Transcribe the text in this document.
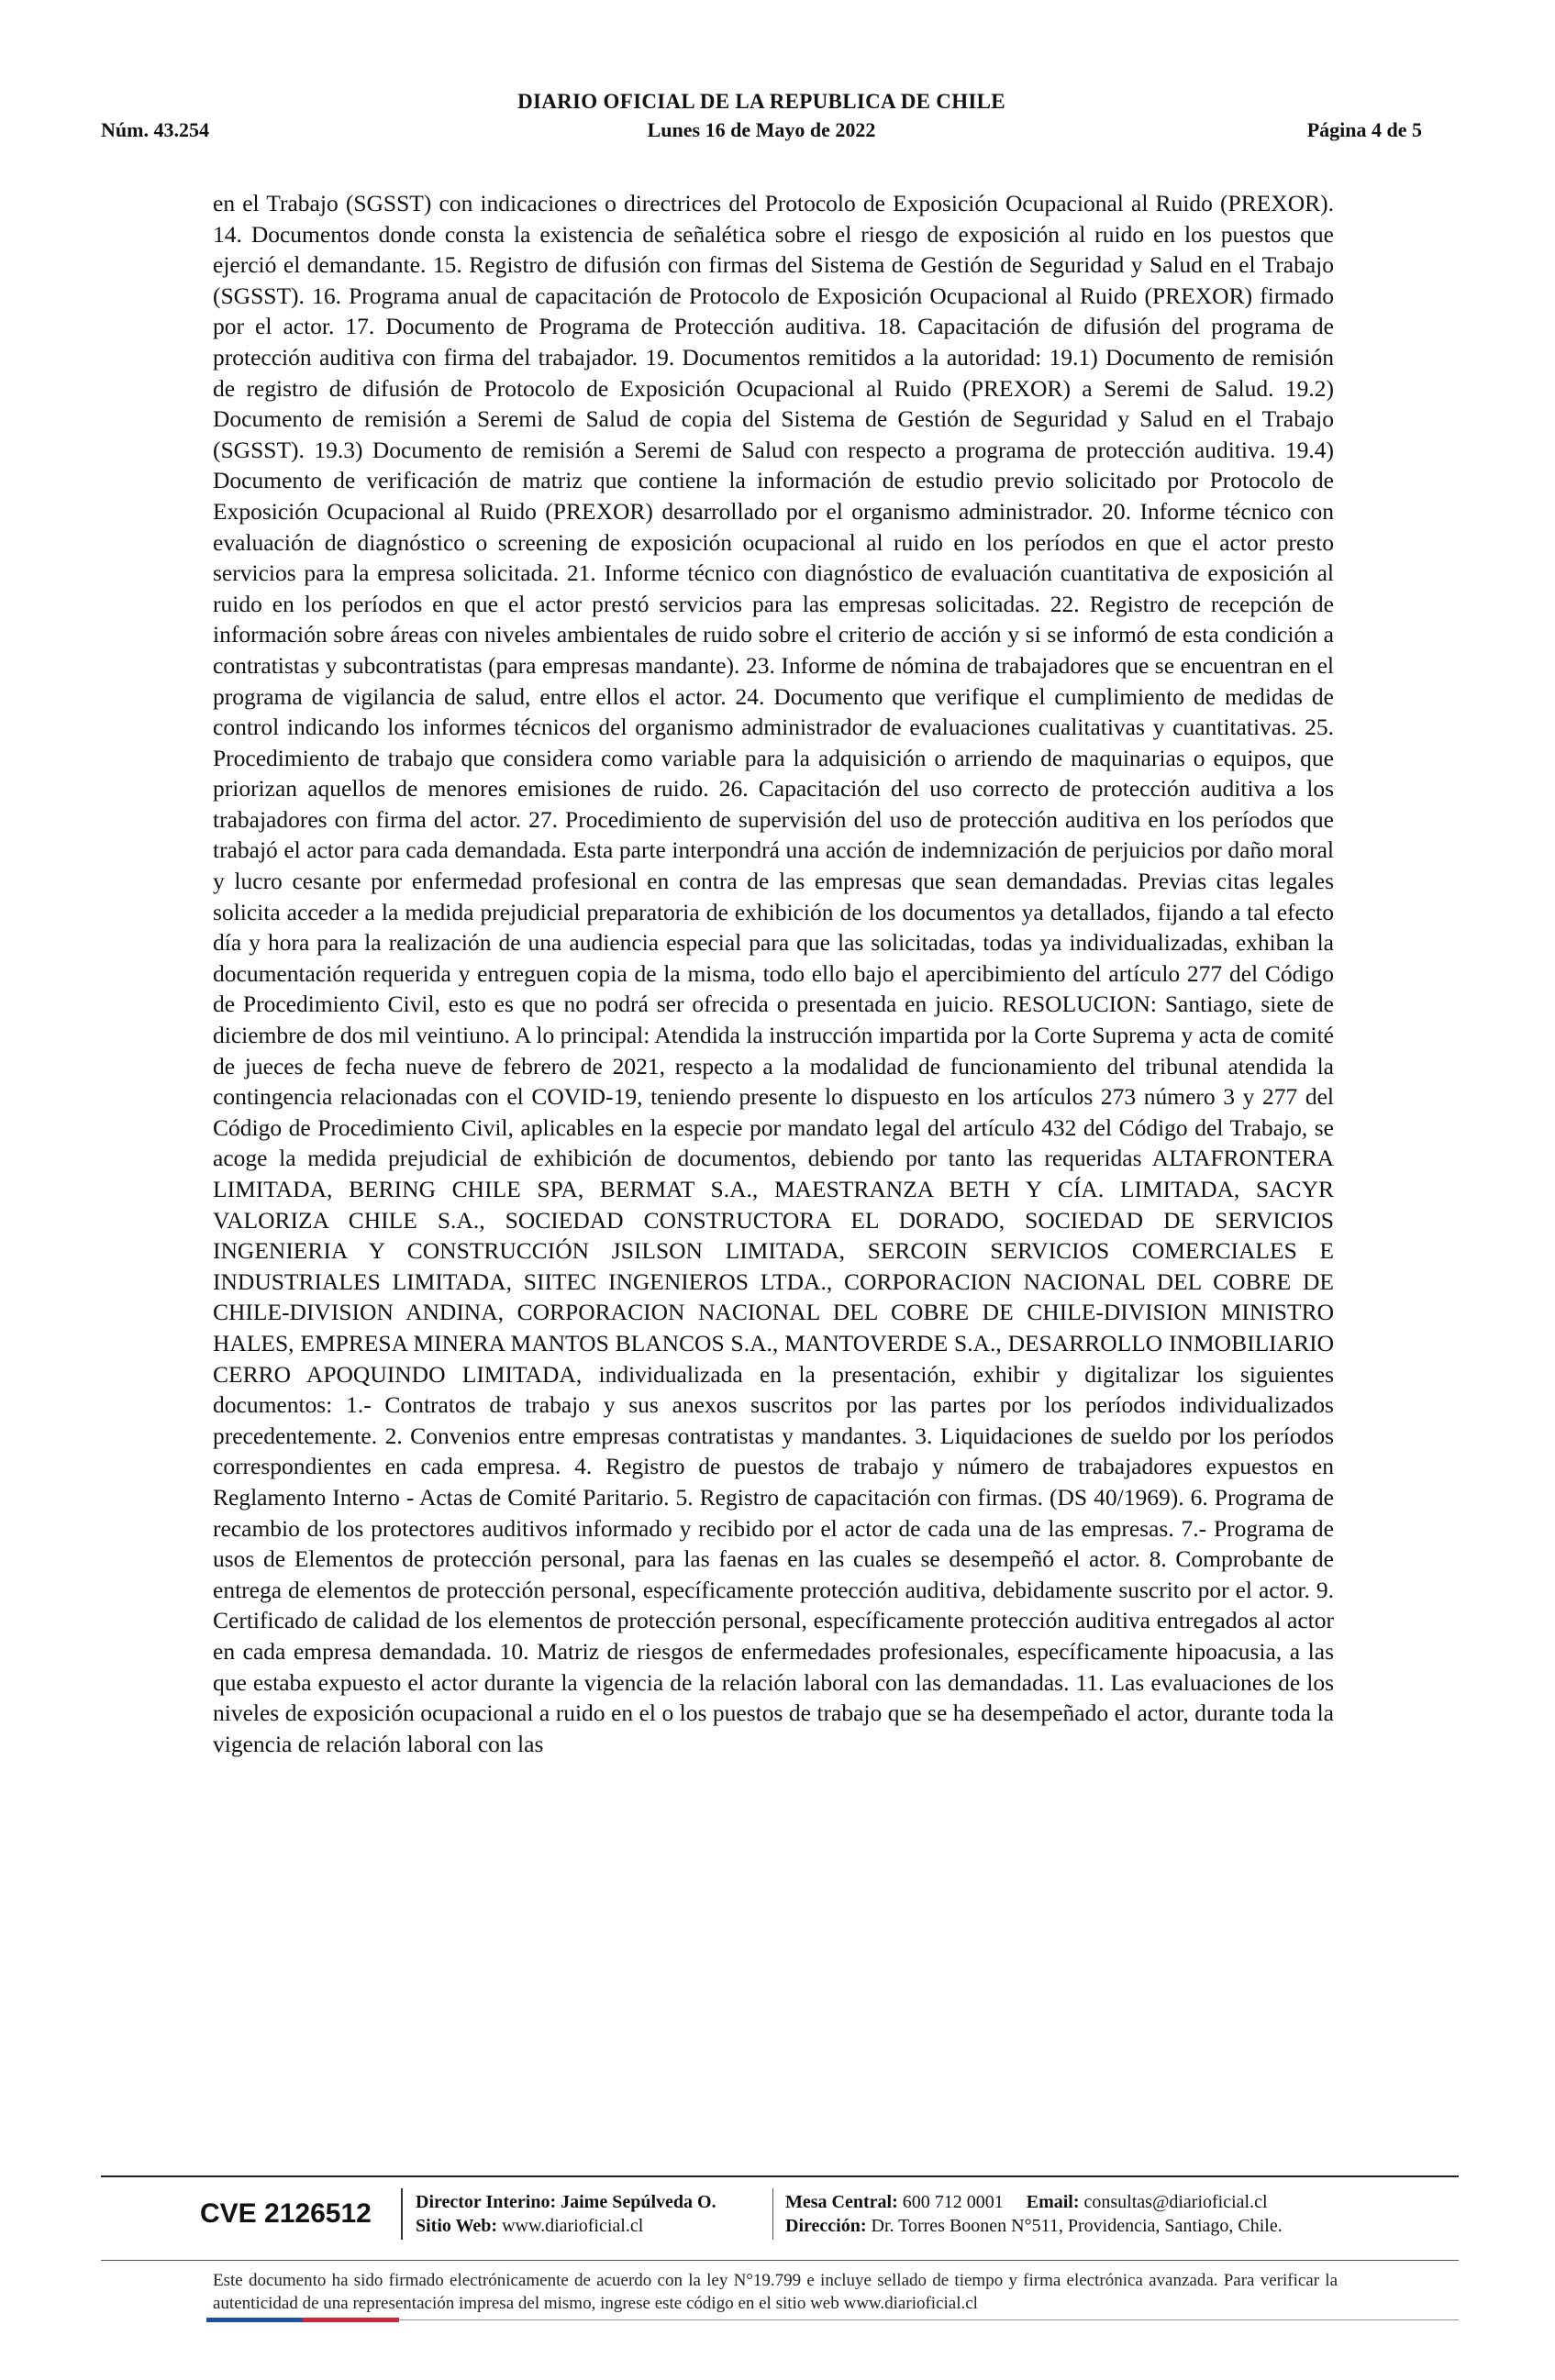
DIARIO OFICIAL DE LA REPUBLICA DE CHILE
Núm. 43.254	Lunes 16 de Mayo de 2022	Página 4 de 5
en el Trabajo (SGSST) con indicaciones o directrices del Protocolo de Exposición Ocupacional al Ruido (PREXOR). 14. Documentos donde consta la existencia de señalética sobre el riesgo de exposición al ruido en los puestos que ejerció el demandante. 15. Registro de difusión con firmas del Sistema de Gestión de Seguridad y Salud en el Trabajo (SGSST). 16. Programa anual de capacitación de Protocolo de Exposición Ocupacional al Ruido (PREXOR) firmado por el actor. 17. Documento de Programa de Protección auditiva. 18. Capacitación de difusión del programa de protección auditiva con firma del trabajador. 19. Documentos remitidos a la autoridad: 19.1) Documento de remisión de registro de difusión de Protocolo de Exposición Ocupacional al Ruido (PREXOR) a Seremi de Salud. 19.2) Documento de remisión a Seremi de Salud de copia del Sistema de Gestión de Seguridad y Salud en el Trabajo (SGSST). 19.3) Documento de remisión a Seremi de Salud con respecto a programa de protección auditiva. 19.4) Documento de verificación de matriz que contiene la información de estudio previo solicitado por Protocolo de Exposición Ocupacional al Ruido (PREXOR) desarrollado por el organismo administrador. 20. Informe técnico con evaluación de diagnóstico o screening de exposición ocupacional al ruido en los períodos en que el actor presto servicios para la empresa solicitada. 21. Informe técnico con diagnóstico de evaluación cuantitativa de exposición al ruido en los períodos en que el actor prestó servicios para las empresas solicitadas. 22. Registro de recepción de información sobre áreas con niveles ambientales de ruido sobre el criterio de acción y si se informó de esta condición a contratistas y subcontratistas (para empresas mandante). 23. Informe de nómina de trabajadores que se encuentran en el programa de vigilancia de salud, entre ellos el actor. 24. Documento que verifique el cumplimiento de medidas de control indicando los informes técnicos del organismo administrador de evaluaciones cualitativas y cuantitativas. 25. Procedimiento de trabajo que considera como variable para la adquisición o arriendo de maquinarias o equipos, que priorizan aquellos de menores emisiones de ruido. 26. Capacitación del uso correcto de protección auditiva a los trabajadores con firma del actor. 27. Procedimiento de supervisión del uso de protección auditiva en los períodos que trabajó el actor para cada demandada. Esta parte interpondrá una acción de indemnización de perjuicios por daño moral y lucro cesante por enfermedad profesional en contra de las empresas que sean demandadas. Previas citas legales solicita acceder a la medida prejudicial preparatoria de exhibición de los documentos ya detallados, fijando a tal efecto día y hora para la realización de una audiencia especial para que las solicitadas, todas ya individualizadas, exhiban la documentación requerida y entreguen copia de la misma, todo ello bajo el apercibimiento del artículo 277 del Código de Procedimiento Civil, esto es que no podrá ser ofrecida o presentada en juicio. RESOLUCION: Santiago, siete de diciembre de dos mil veintiuno. A lo principal: Atendida la instrucción impartida por la Corte Suprema y acta de comité de jueces de fecha nueve de febrero de 2021, respecto a la modalidad de funcionamiento del tribunal atendida la contingencia relacionadas con el COVID-19, teniendo presente lo dispuesto en los artículos 273 número 3 y 277 del Código de Procedimiento Civil, aplicables en la especie por mandato legal del artículo 432 del Código del Trabajo, se acoge la medida prejudicial de exhibición de documentos, debiendo por tanto las requeridas ALTAFRONTERA LIMITADA, BERING CHILE SPA, BERMAT S.A., MAESTRANZA BETH Y CÍA. LIMITADA, SACYR VALORIZA CHILE S.A., SOCIEDAD CONSTRUCTORA EL DORADO, SOCIEDAD DE SERVICIOS INGENIERIA Y CONSTRUCCIÓN JSILSON LIMITADA, SERCOIN SERVICIOS COMERCIALES E INDUSTRIALES LIMITADA, SIITEC INGENIEROS LTDA., CORPORACION NACIONAL DEL COBRE DE CHILE-DIVISION ANDINA, CORPORACION NACIONAL DEL COBRE DE CHILE-DIVISION MINISTRO HALES, EMPRESA MINERA MANTOS BLANCOS S.A., MANTOVERDE S.A., DESARROLLO INMOBILIARIO CERRO APOQUINDO LIMITADA, individualizada en la presentación, exhibir y digitalizar los siguientes documentos: 1.- Contratos de trabajo y sus anexos suscritos por las partes por los períodos individualizados precedentemente. 2. Convenios entre empresas contratistas y mandantes. 3. Liquidaciones de sueldo por los períodos correspondientes en cada empresa. 4. Registro de puestos de trabajo y número de trabajadores expuestos en Reglamento Interno - Actas de Comité Paritario. 5. Registro de capacitación con firmas. (DS 40/1969). 6. Programa de recambio de los protectores auditivos informado y recibido por el actor de cada una de las empresas. 7.- Programa de usos de Elementos de protección personal, para las faenas en las cuales se desempeñó el actor. 8. Comprobante de entrega de elementos de protección personal, específicamente protección auditiva, debidamente suscrito por el actor. 9. Certificado de calidad de los elementos de protección personal, específicamente protección auditiva entregados al actor en cada empresa demandada. 10. Matriz de riesgos de enfermedades profesionales, específicamente hipoacusia, a las que estaba expuesto el actor durante la vigencia de la relación laboral con las demandadas. 11. Las evaluaciones de los niveles de exposición ocupacional a ruido en el o los puestos de trabajo que se ha desempeñado el actor, durante toda la vigencia de relación laboral con las
CVE 2126512	Director Interino: Jaime Sepúlveda O.
Sitio Web: www.diarioficial.cl
Mesa Central: 600 712 0001 Email: consultas@diarioficial.cl
Dirección: Dr. Torres Boonen N°511, Providencia, Santiago, Chile.
Este documento ha sido firmado electrónicamente de acuerdo con la ley N°19.799 e incluye sellado de tiempo y firma electrónica avanzada. Para verificar la autenticidad de una representación impresa del mismo, ingrese este código en el sitio web www.diarioficial.cl
